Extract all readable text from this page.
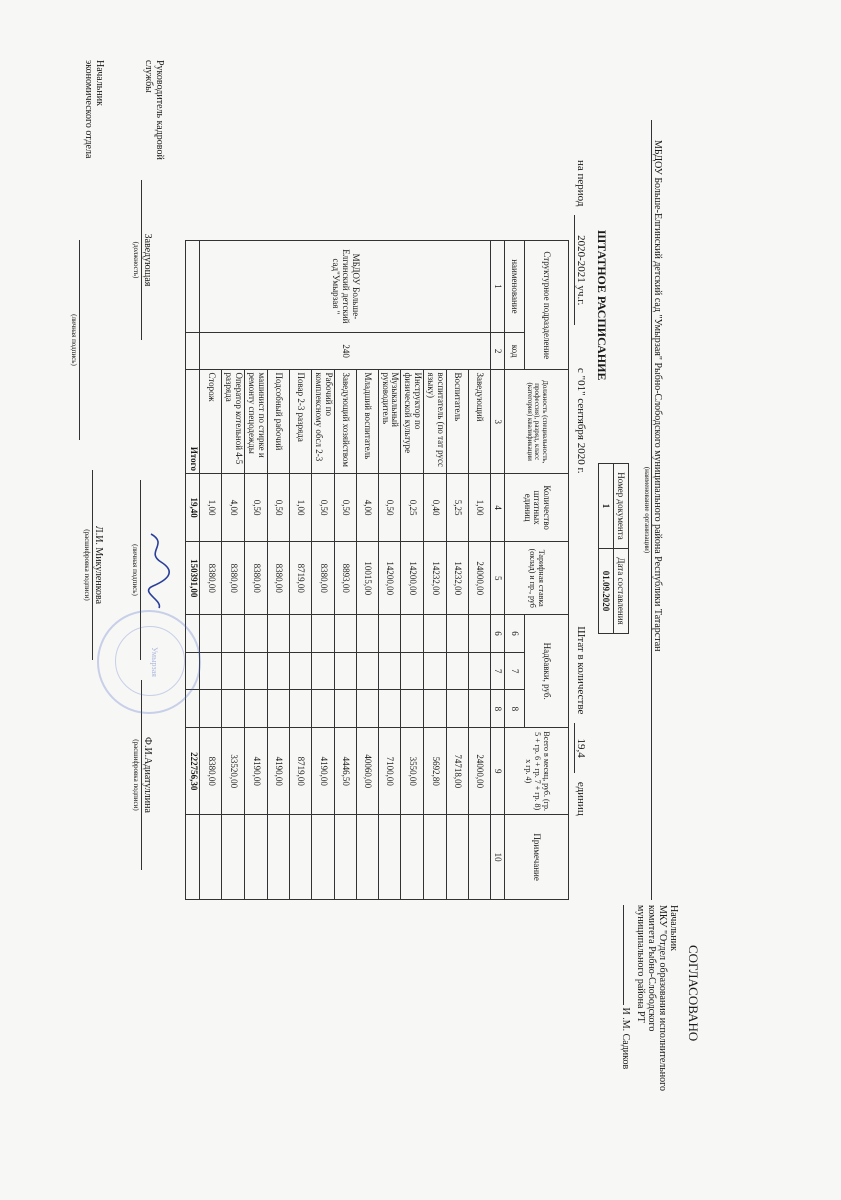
СОГЛАСОВАНО
Начальник
МКУ "Отдел образования исполнительного
комитета Рыбно-Слободского
муниципального района РТ
И .М. Садиков
МБДОУ Больше-Елгинский детский сад "Умырзая" Рыбно-Слободского муниципального района Республики Татарстан
(наименование организации)
Номер документа	Дата составления
1	01.09.2020
ШТАТНОЕ РАСПИСАНИЕ
на период 2020-2021 уч.г. с "01" сентября 2020 г. Штат в количестве 19,4 единиц
Структурное подразделение		Должность (специальность, профессия), разряд, класс (категория) квалификации	Количество штатных единиц	Тарифная ставка (оклад) и пр., руб	Надбавки, руб.			Всего в месяц, руб. (гр. 5 + гр. 6 + гр. 7 + гр. 8) x гр. 4)	Примечание
наименование	код				6	7	8		
1	2	3	4	5	6	7	8	9	10
МБДОУ Больше-Елгинский детский сад"Умырзая "	240	Заведующий	1,00	24000,00				24000,00	
		Воспитатель	5,25	14232,00				74718,00	
		воспитатель (по тат русс языку)	0,40	14232,00				5692,80	
		Инструктор по физической культуре	0,25	14200,00				3550,00	
		Музыкальный руководитель	0,50	14200,00				7100,00	
		Младший воспитатель	4,00	10015,00				40060,00	
		Заведующий хозяйством	0,50	8893,00				4446,50	
		Рабочий по комплексному обсл 2-3	0,50	8380,00				4190,00	
		Повар 2-3 разряда	1,00	8719,00				8719,00	
		Подсобный рабочий	0,50	8380,00				4190,00	
		машинист по стирке и ремонту спецодежды	0,50	8380,00				4190,00	
		Оператор котельной 4-5 разряда	4,00	8380,00				33520,00	
		Сторож	1,00	8380,00				8380,00	
		Итого	19,40	150391,00				222756,30	
Руководитель кадровой
службы
Заведующая
(должность)
(личная подпись)
Ф.И.Адиатуллина
(расшифровка подписи)
Начальник
экономического отдела
(личная подпись)
Л.И. Микуленкова
(расшифровка подписи)
Умырзая
